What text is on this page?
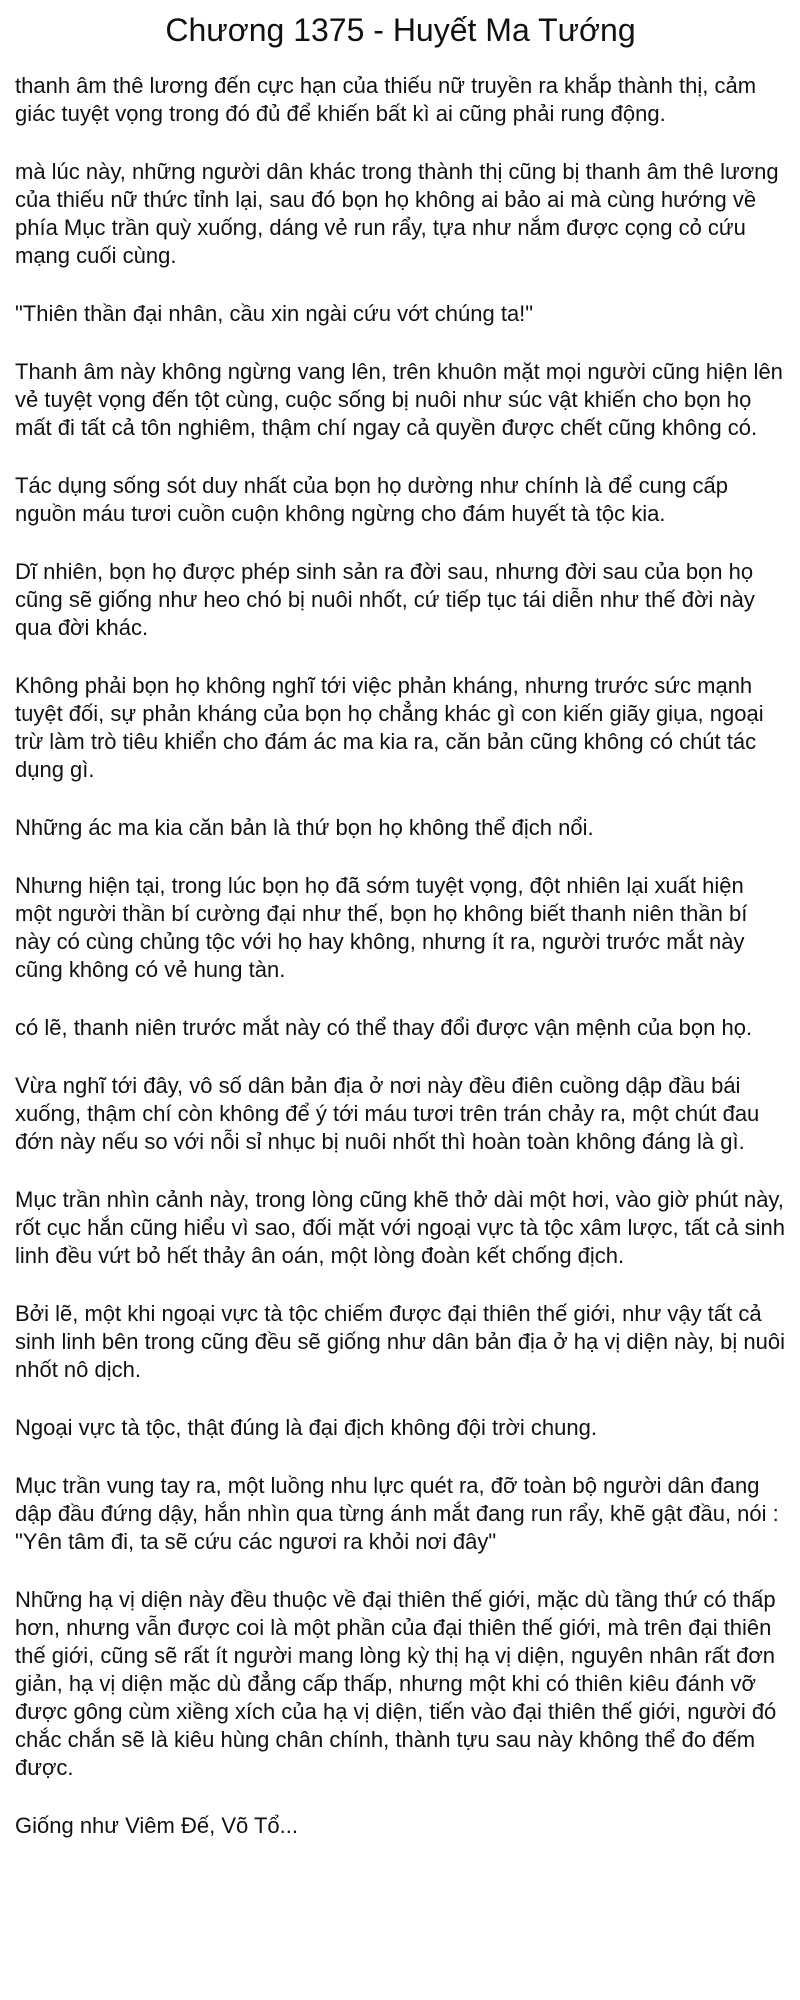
Chương 1375 - Huyết Ma Tướng

thanh âm thê lương đến cực hạn của thiếu nữ truyền ra khắp thành thị, cảm giác tuyệt vọng trong đó đủ để khiến bất kì ai cũng phải rung động.

mà lúc này, những người dân khác trong thành thị cũng bị thanh âm thê lương của thiếu nữ thức tỉnh lại, sau đó bọn họ không ai bảo ai mà cùng hướng về phía Mục trần quỳ xuống, dáng vẻ run rẩy, tựa như nắm được cọng cỏ cứu mạng cuối cùng.

"Thiên thần đại nhân, cầu xin ngài cứu vớt chúng ta!"

Thanh âm này không ngừng vang lên, trên khuôn mặt mọi người cũng hiện lên vẻ tuyệt vọng đến tột cùng, cuộc sống bị nuôi như súc vật khiến cho bọn họ mất đi tất cả tôn nghiêm, thậm chí ngay cả quyền được chết cũng không có.

Tác dụng sống sót duy nhất của bọn họ dường như chính là để cung cấp nguồn máu tươi cuồn cuộn không ngừng cho đám huyết tà tộc kia.

Dĩ nhiên, bọn họ được phép sinh sản ra đời sau, nhưng đời sau của bọn họ cũng sẽ giống như heo chó bị nuôi nhốt, cứ tiếp tục tái diễn như thế đời này qua đời khác.

Không phải bọn họ không nghĩ tới việc phản kháng, nhưng trước sức mạnh tuyệt đối, sự phản kháng của bọn họ chẳng khác gì con kiến giãy giụa, ngoại trừ làm trò tiêu khiển cho đám ác ma kia ra, căn bản cũng không có chút tác dụng gì.

Những ác ma kia căn bản là thứ bọn họ không thể địch nổi.

Nhưng hiện tại, trong lúc bọn họ đã sớm tuyệt vọng, đột nhiên lại xuất hiện một người thần bí cường đại như thế, bọn họ không biết thanh niên thần bí này có cùng chủng tộc với họ hay không, nhưng ít ra, người trước mắt này cũng không có vẻ hung tàn.

có lẽ, thanh niên trước mắt này có thể thay đổi được vận mệnh của bọn họ.

Vừa nghĩ tới đây, vô số dân bản địa ở nơi này đều điên cuồng dập đầu bái xuống, thậm chí còn không để ý tới máu tươi trên trán chảy ra, một chút đau đớn này nếu so với nỗi sỉ nhục bị nuôi nhốt thì hoàn toàn không đáng là gì.

Mục trần nhìn cảnh này, trong lòng cũng khẽ thở dài một hơi, vào giờ phút này, rốt cục hắn cũng hiểu vì sao, đối mặt với ngoại vực tà tộc xâm lược, tất cả sinh linh đều vứt bỏ hết thảy ân oán, một lòng đoàn kết chống địch.

Bởi lẽ, một khi ngoại vực tà tộc chiếm được đại thiên thế giới, như vậy tất cả sinh linh bên trong cũng đều sẽ giống như dân bản địa ở hạ vị diện này, bị nuôi nhốt nô dịch.

Ngoại vực tà tộc, thật đúng là đại địch không đội trời chung.

Mục trần vung tay ra, một luồng nhu lực quét ra, đỡ toàn bộ người dân đang dập đầu đứng dậy, hắn nhìn qua từng ánh mắt đang run rẩy, khẽ gật đầu, nói : "Yên tâm đi, ta sẽ cứu các ngươi ra khỏi nơi đây"

Những hạ vị diện này đều thuộc về đại thiên thế giới, mặc dù tầng thứ có thấp hơn, nhưng vẫn được coi là một phần của đại thiên thế giới, mà trên đại thiên thế giới, cũng sẽ rất ít người mang lòng kỳ thị hạ vị diện, nguyên nhân rất đơn giản, hạ vị diện mặc dù đẳng cấp thấp, nhưng một khi có thiên kiêu đánh vỡ được gông cùm xiềng xích của hạ vị diện, tiến vào đại thiên thế giới, người đó chắc chắn sẽ là kiêu hùng chân chính, thành tựu sau này không thể đo đếm được.

Giống như Viêm Đế, Võ Tổ...
